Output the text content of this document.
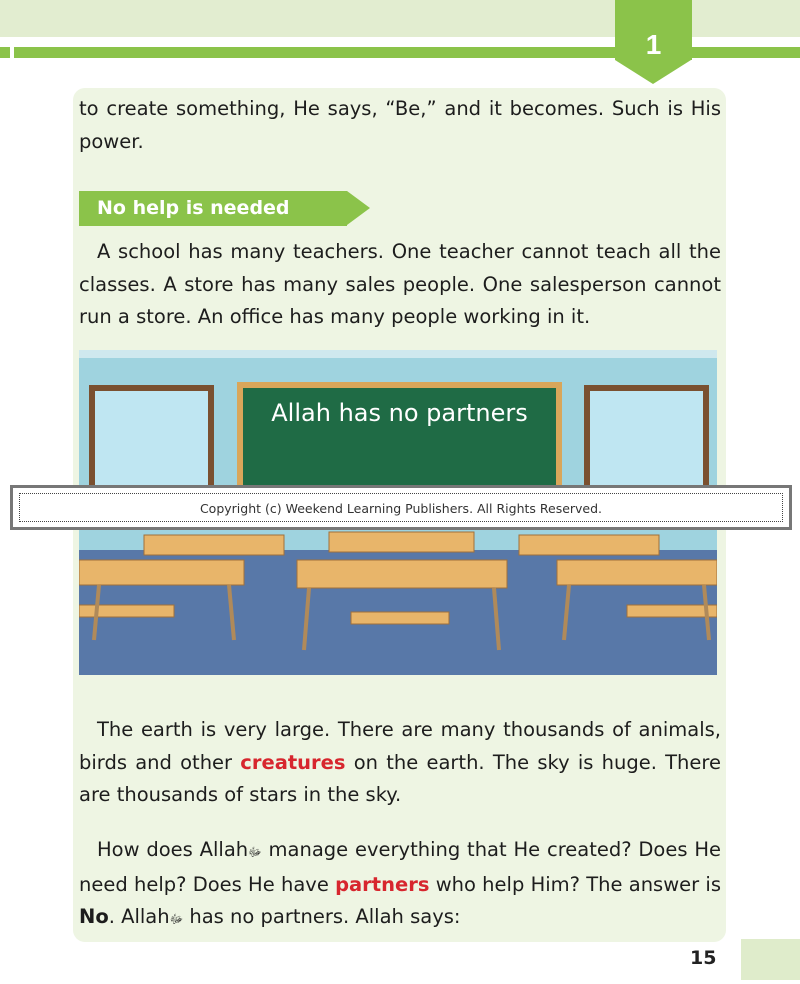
1
to create something, He says, “Be,” and it becomes. Such is His power.
No help is needed
A school has many teachers. One teacher cannot teach all the classes. A store has many sales people. One salesperson cannot run a store. An office has many people working in it.
Allah has no partners
Copyright (c) Weekend Learning Publishers. All Rights Reserved.
The earth is very large. There are many thousands of animals, birds and other creatures on the earth. The sky is huge. There are thousands of stars in the sky.
How does Allahﷻ manage everything that He created? Does He need help? Does He have partners who help Him? The answer is No. Allahﷻ has no partners. Allah says:
15
